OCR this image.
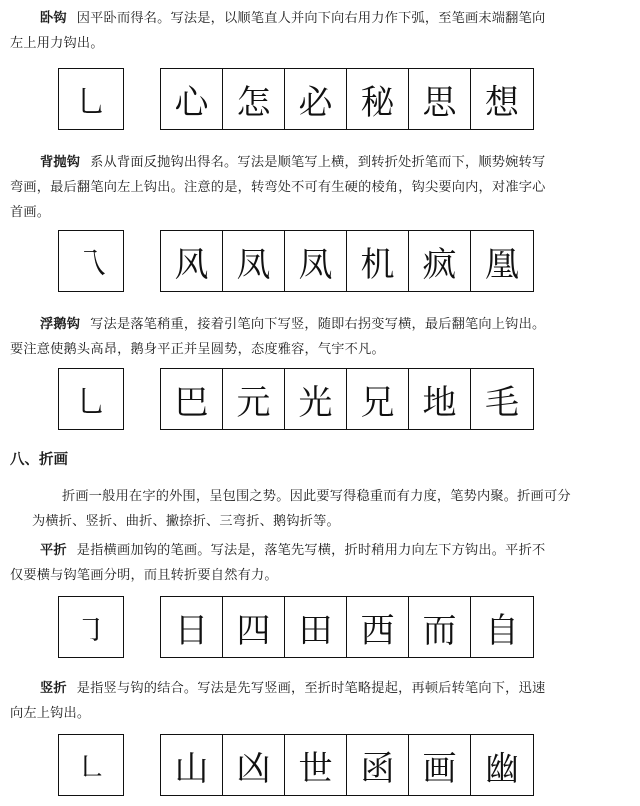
卧钩 因平卧而得名。写法是，以顺笔直人并向下向右用力作下弧，至笔画末端翻笔向
左上用力钩出。
乚	心 怎 必 秘 思 想
背抛钩 系从背面反抛钩出得名。写法是顺笔写上横，到转折处折笔而下，顺势婉转写
弯画，最后翻笔向左上钩出。注意的是，转弯处不可有生硬的棱角，钩尖要向内，对准字心
首画。
乁	风 凤 凤 机 疯 凰
浮鹅钩 写法是落笔稍重，接着引笔向下写竖，随即右拐变写横，最后翻笔向上钩出。
要注意使鹅头高昂，鹅身平正并呈圆势，态度雅容，气宇不凡。
乚	巴 元 光 兄 地 毛
八、折画
折画一般用在字的外围，呈包围之势。因此要写得稳重而有力度，笔势内聚。折画可分
为横折、竖折、曲折、撇捺折、三弯折、鹅钩折等。
平折 是指横画加钩的笔画。写法是，落笔先写横，折时稍用力向左下方钩出。平折不
仅要横与钩笔画分明，而且转折要自然有力。
㇆	日 四 田 西 而 自
竖折 是指竖与钩的结合。写法是先写竖画，至折时笔略提起，再顿后转笔向下，迅速
向左上钩出。
㇗	山 凶 世 函 画 幽
